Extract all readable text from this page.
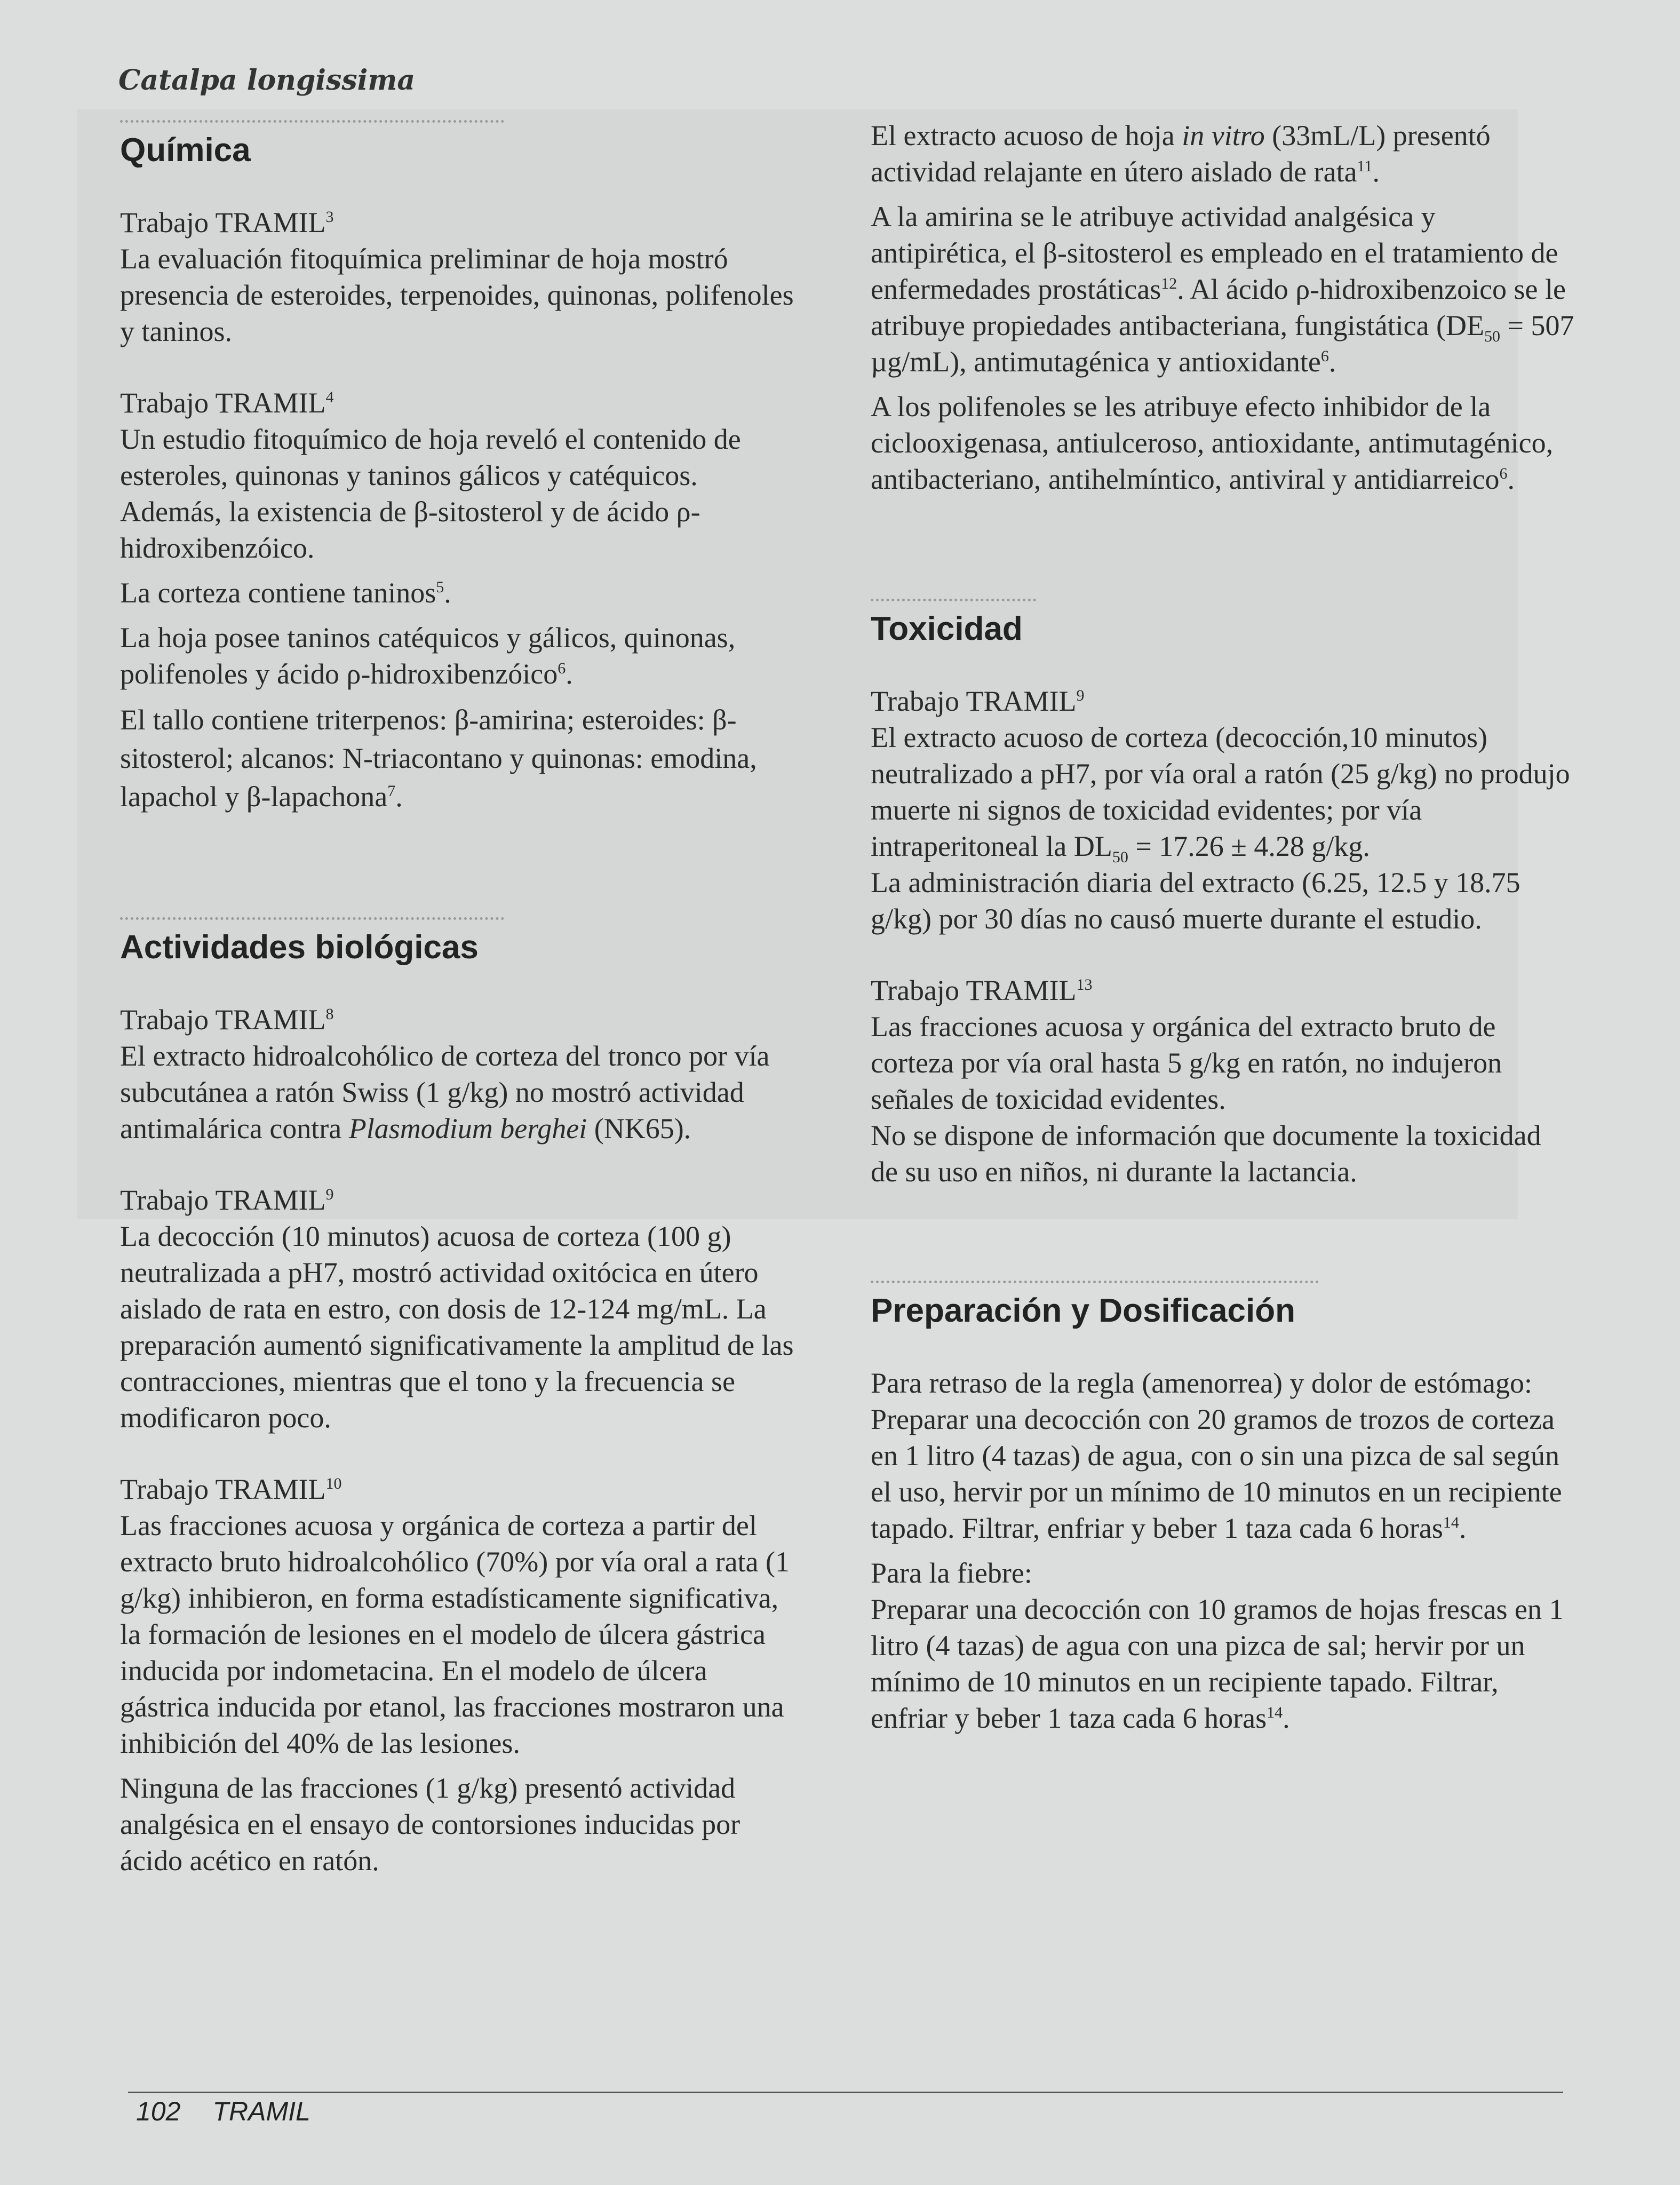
Catalpa longissima
Química

Trabajo TRAMIL$^3$

La evaluación fitoquímica preliminar de hoja mostró presencia de esteroides, terpenoides, quinonas, polifenoles y taninos.

Trabajo TRAMIL$^4$

Un estudio fitoquímico de hoja reveló el contenido de esteroles, quinonas y taninos gálicos y catéquicos. Además, la existencia de β-sitosterol y de ácido ρ-hidroxibenzóico.

La corteza contiene taninos$^5$.

La hoja posee taninos catéquicos y gálicos, quinonas, polifenoles y ácido ρ-hidroxibenzóico$^6$.

El tallo contiene triterpenos: β-amirina; esteroides: β-sitosterol; alcanos: N-triacontano y quinonas: emodina, lapachol y β-lapachona$^7$.

Actividades biológicas

Trabajo TRAMIL$^8$

El extracto hidroalcohólico de corteza del tronco por vía subcutánea a ratón Swiss (1 g/kg) no mostró actividad antimalárica contra Plasmodium berghei (NK65).

Trabajo TRAMIL$^9$

La decocción (10 minutos) acuosa de corteza (100 g) neutralizada a pH7, mostró actividad oxitócica en útero aislado de rata en estro, con dosis de 12-124 mg/mL. La preparación aumentó significativamente la amplitud de las contracciones, mientras que el tono y la frecuencia se modificaron poco.

Trabajo TRAMIL$^{10}$

Las fracciones acuosa y orgánica de corteza a partir del extracto bruto hidroalcohólico (70%) por vía oral a rata (1 g/kg) inhibieron, en forma estadísticamente significativa, la formación de lesiones en el modelo de úlcera gástrica inducida por indometacina. En el modelo de úlcera gástrica inducida por etanol, las fracciones mostraron una inhibición del 40% de las lesiones.

Ninguna de las fracciones (1 g/kg) presentó actividad analgésica en el ensayo de contorsiones inducidas por ácido acético en ratón.

El extracto acuoso de hoja in vitro (33mL/L) presentó actividad relajante en útero aislado de rata$^{11}$.

A la amirina se le atribuye actividad analgésica y antipirética, el β-sitosterol es empleado en el tratamiento de enfermedades prostáticas$^{12}$. Al ácido ρ-hidroxibenzoico se le atribuye propiedades antibacteriana, fungistática ($DE_{50} = 507$ µg/mL), antimutagénica y antioxidante$^6$.

A los polifenoles se les atribuye efecto inhibidor de la ciclooxigenasa, antiulceroso, antioxidante, antimutagénico, antibacteriano, antihelmíntico, antiviral y antidiarreico$^6$.

Toxicidad

Trabajo TRAMIL$^9$

El extracto acuoso de corteza (decocción,10 minutos) neutralizado a pH7, por vía oral a ratón (25 g/kg) no produjo muerte ni signos de toxicidad evidentes; por vía intraperitoneal la $DL_{50} = 17.26 \pm 4.28$ g/kg.

La administración diaria del extracto (6.25, 12.5 y 18.75 g/kg) por 30 días no causó muerte durante el estudio.

Trabajo TRAMIL$^{13}$

Las fracciones acuosa y orgánica del extracto bruto de corteza por vía oral hasta 5 g/kg en ratón, no indujeron señales de toxicidad evidentes.

No se dispone de información que documente la toxicidad de su uso en niños, ni durante la lactancia.

Preparación y Dosificación

Para retraso de la regla (amenorrea) y dolor de estómago:

Preparar una decocción con 20 gramos de trozos de corteza en 1 litro (4 tazas) de agua, con o sin una pizca de sal según el uso, hervir por un mínimo de 10 minutos en un recipiente tapado. Filtrar, enfriar y beber 1 taza cada 6 horas$^{14}$.

Para la fiebre:

Preparar una decocción con 10 gramos de hojas frescas en 1 litro (4 tazas) de agua con una pizca de sal; hervir por un mínimo de 10 minutos en un recipiente tapado. Filtrar, enfriar y beber 1 taza cada 6 horas$^{14}$.

102 TRAMIL
